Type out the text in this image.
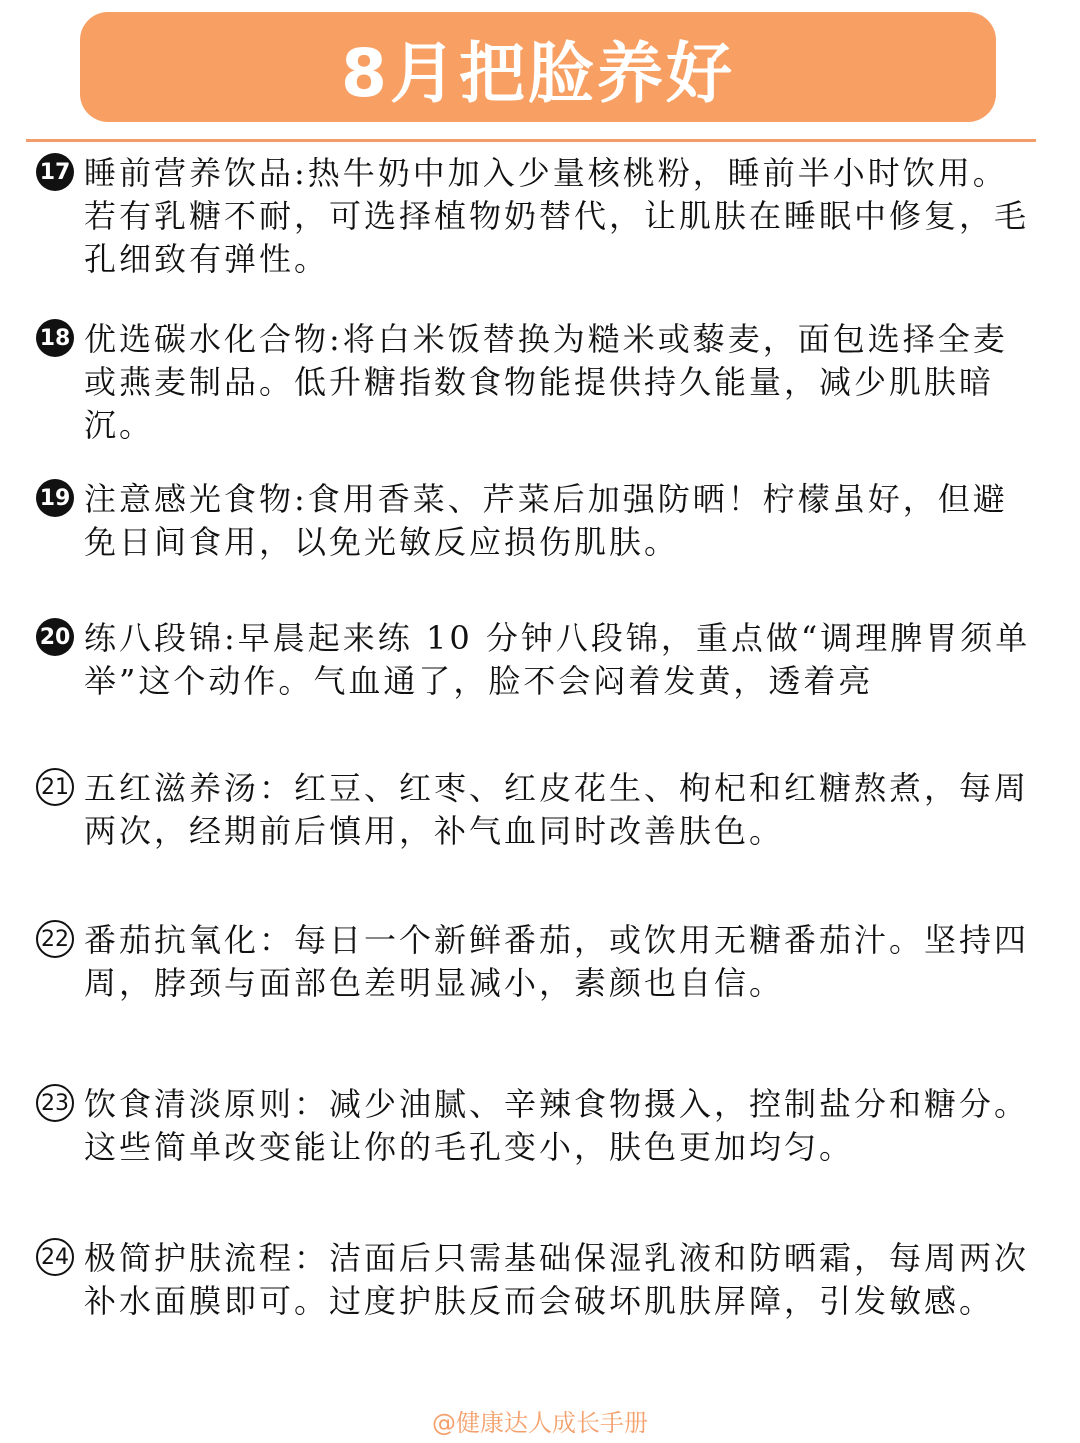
8月把脸养好
17 睡前营养饮品:热牛奶中加入少量核桃粉，睡前半小时饮用。若有乳糖不耐，可选择植物奶替代，让肌肤在睡眠中修复，毛孔细致有弹性。
18 优选碳水化合物:将白米饭替换为糙米或藜麦，面包选择全麦或燕麦制品。低升糖指数食物能提供持久能量，减少肌肤暗沉。
19 注意感光食物:食用香菜、芹菜后加强防晒！柠檬虽好，但避免日间食用，以免光敏反应损伤肌肤。
20 练八段锦:早晨起来练 10 分钟八段锦，重点做“调理脾胃须单举”这个动作。气血通了，脸不会闷着发黄，透着亮
21 五红滋养汤：红豆、红枣、红皮花生、枸杞和红糖熬煮，每周两次，经期前后慎用，补气血同时改善肤色。
22 番茄抗氧化：每日一个新鲜番茄，或饮用无糖番茄汁。坚持四周，脖颈与面部色差明显减小，素颜也自信。
23 饮食清淡原则：减少油腻、辛辣食物摄入，控制盐分和糖分。这些简单改变能让你的毛孔变小，肤色更加均匀。
24 极简护肤流程：洁面后只需基础保湿乳液和防晒霜，每周两次补水面膜即可。过度护肤反而会破坏肌肤屏障，引发敏感。
@健康达人成长手册
